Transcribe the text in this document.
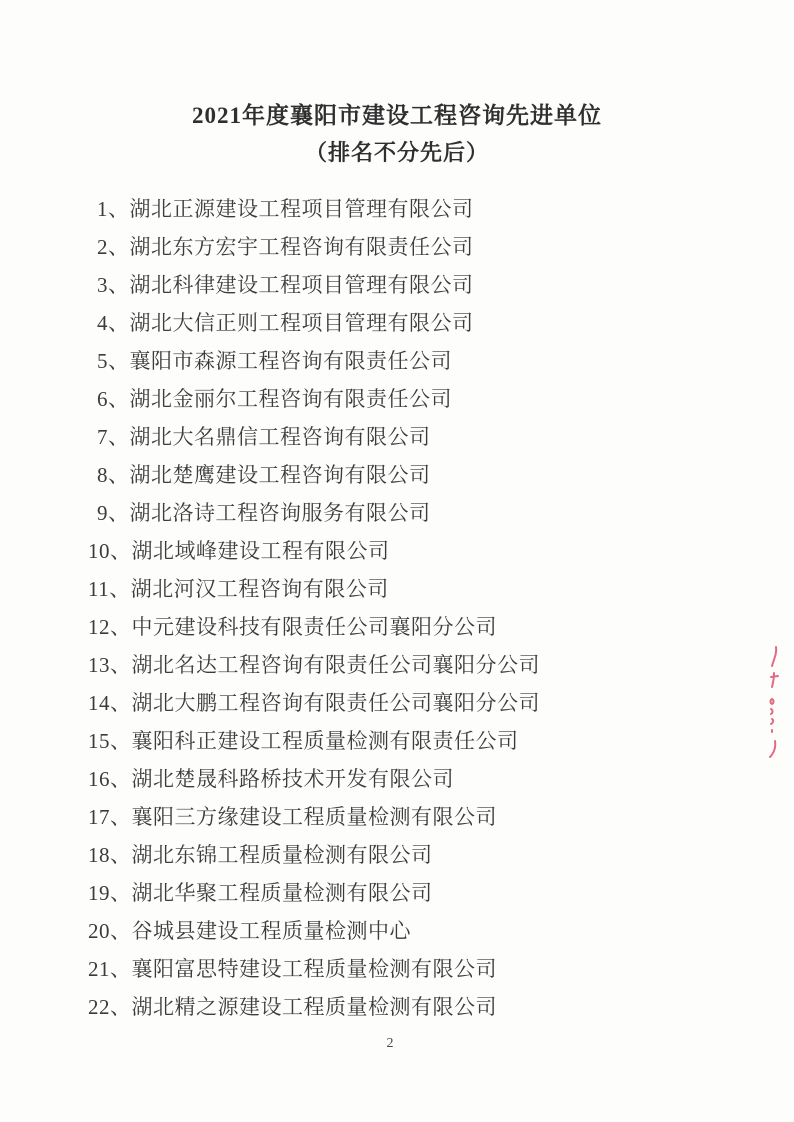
2021年度襄阳市建设工程咨询先进单位
（排名不分先后）
1、湖北正源建设工程项目管理有限公司
2、湖北东方宏宇工程咨询有限责任公司
3、湖北科律建设工程项目管理有限公司
4、湖北大信正则工程项目管理有限公司
5、襄阳市森源工程咨询有限责任公司
6、湖北金丽尔工程咨询有限责任公司
7、湖北大名鼎信工程咨询有限公司
8、湖北楚鹰建设工程咨询有限公司
9、湖北洛诗工程咨询服务有限公司
10、湖北域峰建设工程有限公司
11、湖北河汉工程咨询有限公司
12、中元建设科技有限责任公司襄阳分公司
13、湖北名达工程咨询有限责任公司襄阳分公司
14、湖北大鹏工程咨询有限责任公司襄阳分公司
15、襄阳科正建设工程质量检测有限责任公司
16、湖北楚晟科路桥技术开发有限公司
17、襄阳三方缘建设工程质量检测有限公司
18、湖北东锦工程质量检测有限公司
19、湖北华聚工程质量检测有限公司
20、谷城县建设工程质量检测中心
21、襄阳富思特建设工程质量检测有限公司
22、湖北精之源建设工程质量检测有限公司
2
